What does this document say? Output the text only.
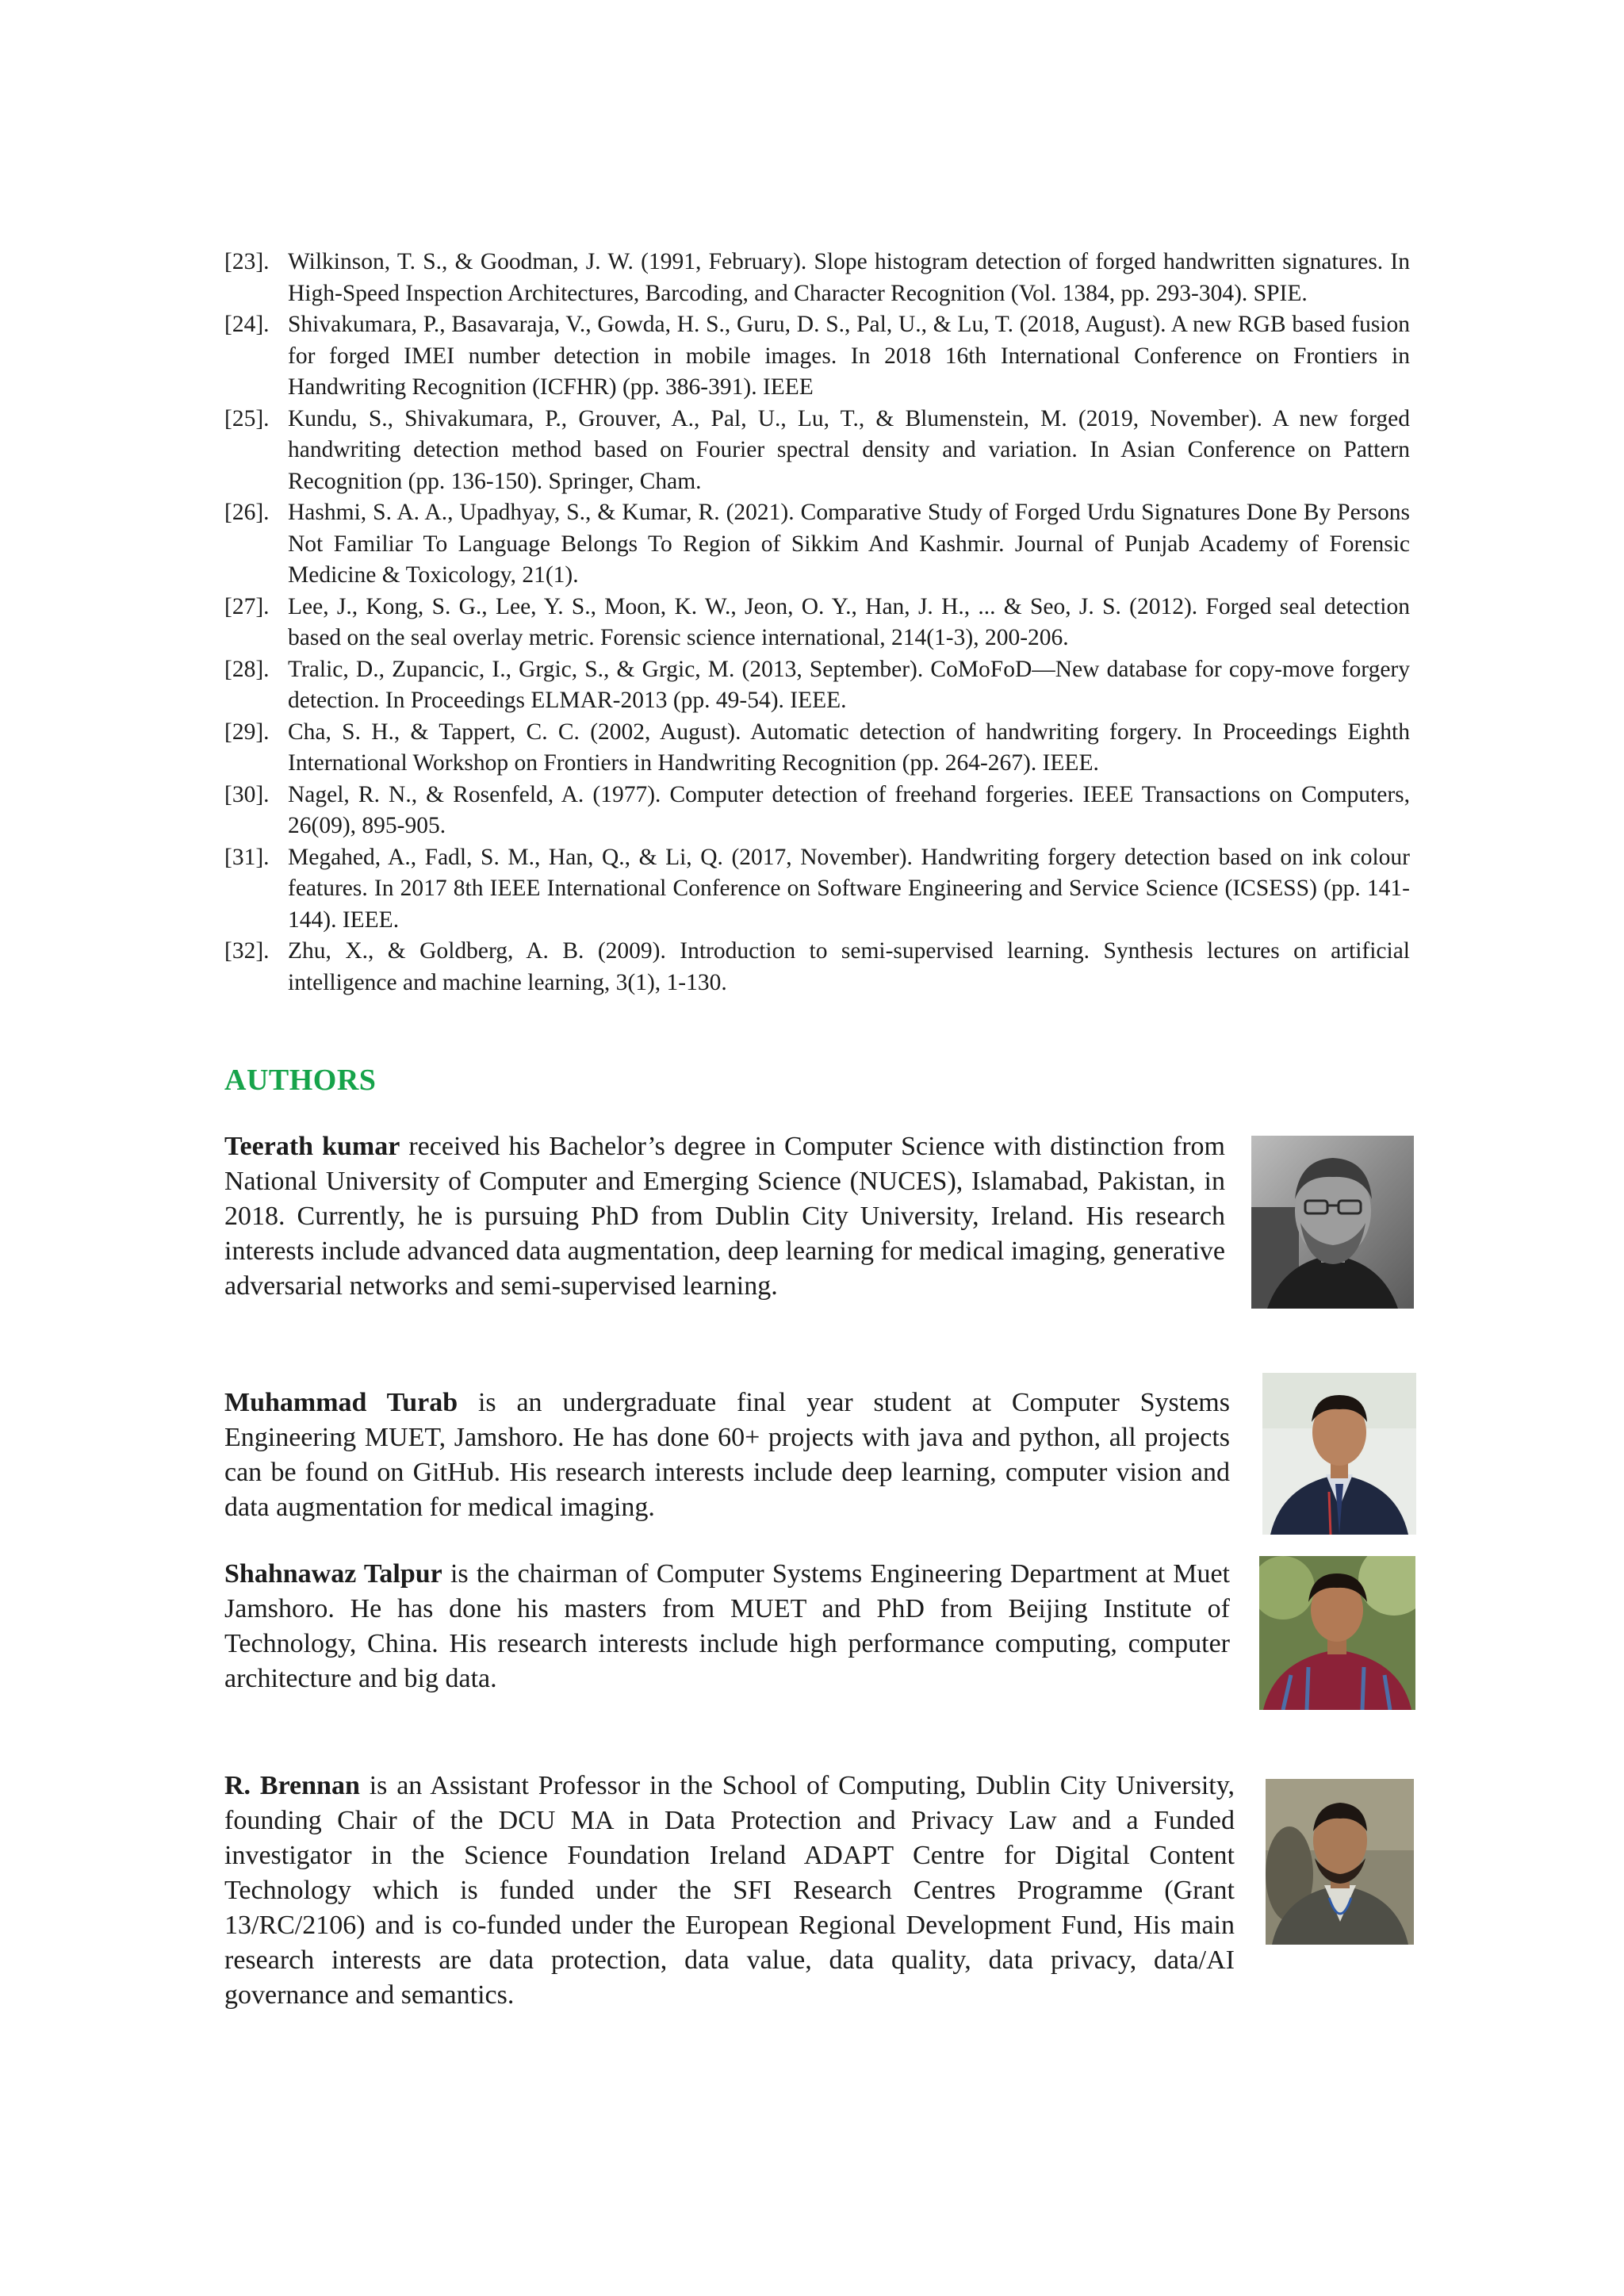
[23]. Wilkinson, T. S., & Goodman, J. W. (1991, February). Slope histogram detection of forged handwritten signatures. In High-Speed Inspection Architectures, Barcoding, and Character Recognition (Vol. 1384, pp. 293-304). SPIE.
[24]. Shivakumara, P., Basavaraja, V., Gowda, H. S., Guru, D. S., Pal, U., & Lu, T. (2018, August). A new RGB based fusion for forged IMEI number detection in mobile images. In 2018 16th International Conference on Frontiers in Handwriting Recognition (ICFHR) (pp. 386-391). IEEE
[25]. Kundu, S., Shivakumara, P., Grouver, A., Pal, U., Lu, T., & Blumenstein, M. (2019, November). A new forged handwriting detection method based on Fourier spectral density and variation. In Asian Conference on Pattern Recognition (pp. 136-150). Springer, Cham.
[26]. Hashmi, S. A. A., Upadhyay, S., & Kumar, R. (2021). Comparative Study of Forged Urdu Signatures Done By Persons Not Familiar To Language Belongs To Region of Sikkim And Kashmir. Journal of Punjab Academy of Forensic Medicine & Toxicology, 21(1).
[27]. Lee, J., Kong, S. G., Lee, Y. S., Moon, K. W., Jeon, O. Y., Han, J. H., ... & Seo, J. S. (2012). Forged seal detection based on the seal overlay metric. Forensic science international, 214(1-3), 200-206.
[28]. Tralic, D., Zupancic, I., Grgic, S., & Grgic, M. (2013, September). CoMoFoD—New database for copy-move forgery detection. In Proceedings ELMAR-2013 (pp. 49-54). IEEE.
[29]. Cha, S. H., & Tappert, C. C. (2002, August). Automatic detection of handwriting forgery. In Proceedings Eighth International Workshop on Frontiers in Handwriting Recognition (pp. 264-267). IEEE.
[30]. Nagel, R. N., & Rosenfeld, A. (1977). Computer detection of freehand forgeries. IEEE Transactions on Computers, 26(09), 895-905.
[31]. Megahed, A., Fadl, S. M., Han, Q., & Li, Q. (2017, November). Handwriting forgery detection based on ink colour features. In 2017 8th IEEE International Conference on Software Engineering and Service Science (ICSESS) (pp. 141-144). IEEE.
[32]. Zhu, X., & Goldberg, A. B. (2009). Introduction to semi-supervised learning. Synthesis lectures on artificial intelligence and machine learning, 3(1), 1-130.
AUTHORS

Teerath kumar received his Bachelor’s degree in Computer Science with distinction from National University of Computer and Emerging Science (NUCES), Islamabad, Pakistan, in 2018. Currently, he is pursuing PhD from Dublin City University, Ireland. His research interests include advanced data augmentation, deep learning for medical imaging, generative adversarial networks and semi-supervised learning.

Muhammad Turab is an undergraduate final year student at Computer Systems Engineering MUET, Jamshoro. He has done 60+ projects with java and python, all projects can be found on GitHub. His research interests include deep learning, computer vision and data augmentation for medical imaging.

Shahnawaz Talpur is the chairman of Computer Systems Engineering Department at Muet Jamshoro. He has done his masters from MUET and PhD from Beijing Institute of Technology, China. His research interests include high performance computing, computer architecture and big data.

R. Brennan is an Assistant Professor in the School of Computing, Dublin City University, founding Chair of the DCU MA in Data Protection and Privacy Law and a Funded investigator in the Science Foundation Ireland ADAPT Centre for Digital Content Technology which is funded under the SFI Research Centres Programme (Grant 13/RC/2106) and is co-funded under the European Regional Development Fund, His main research interests are data protection, data value, data quality, data privacy, data/AI governance and semantics.
